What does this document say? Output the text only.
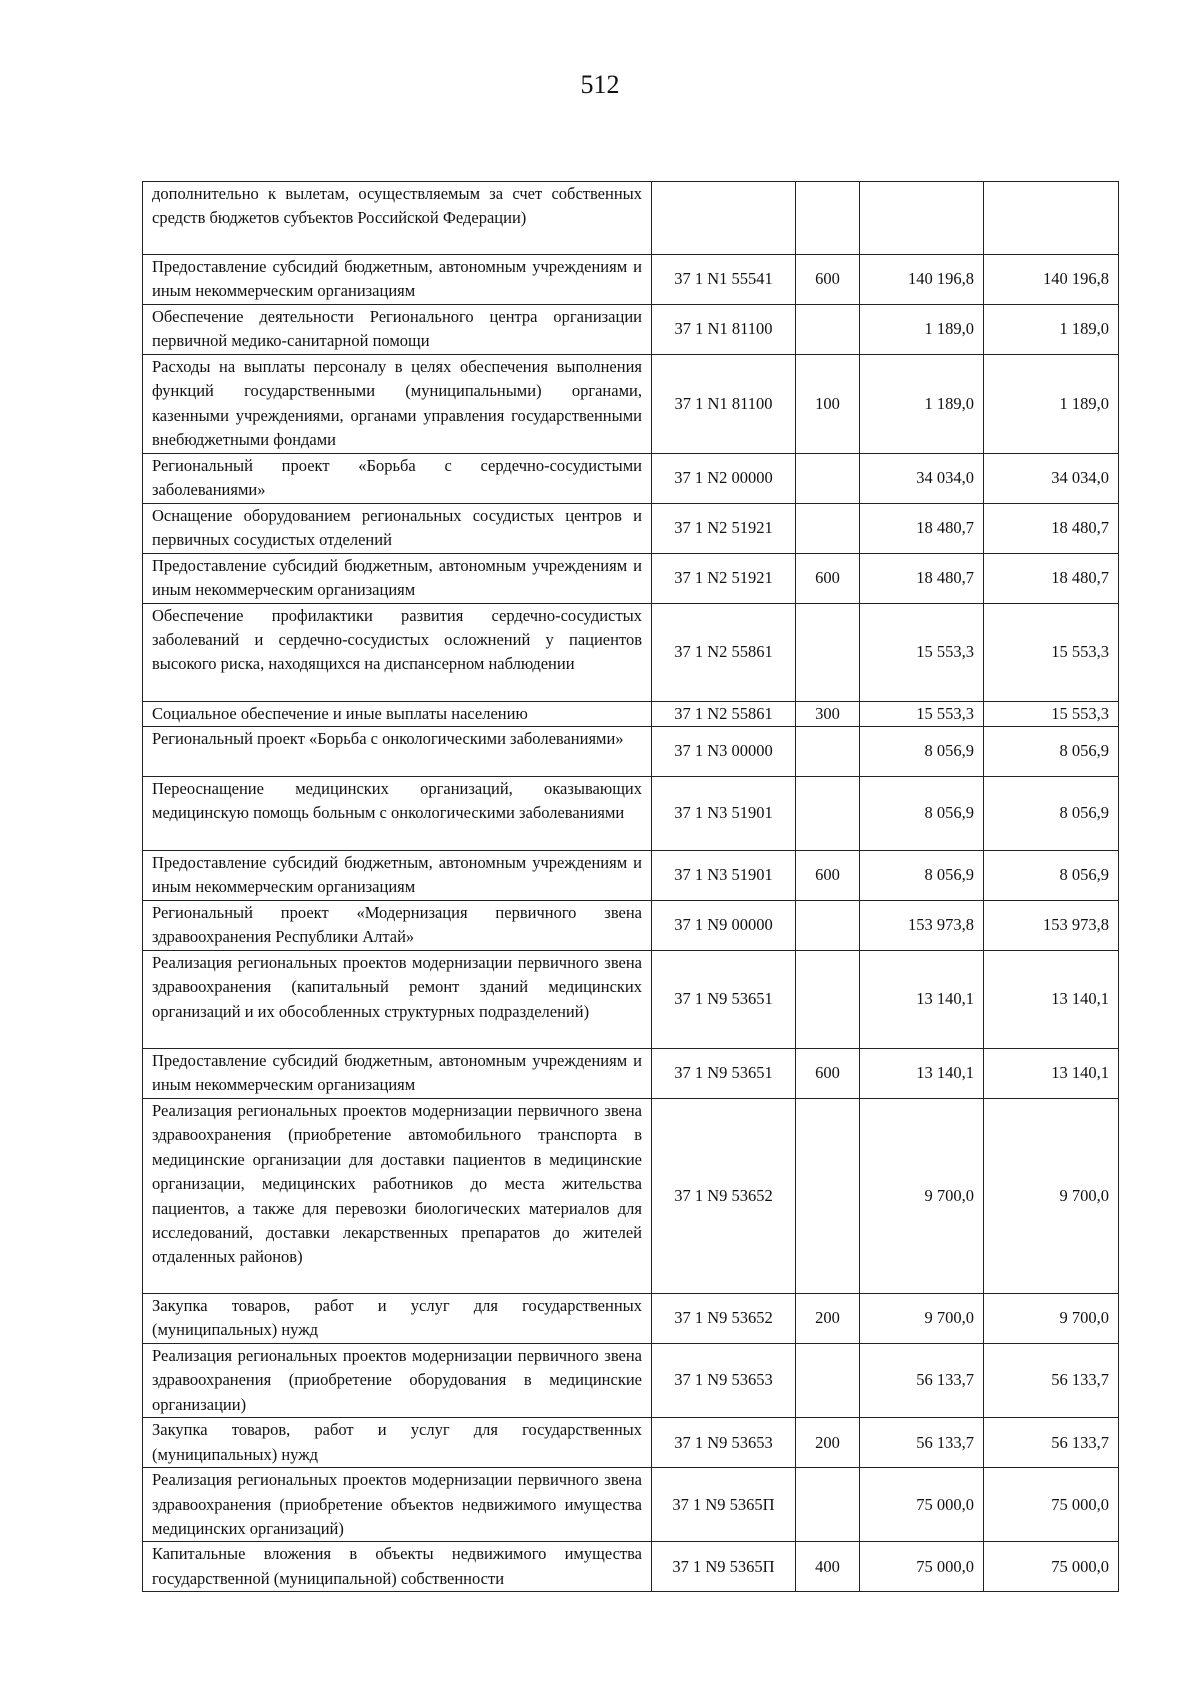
512
дополнительно к вылетам, осуществляемым за счет собственных средств бюджетов субъектов Российской Федерации)				
Предоставление субсидий бюджетным, автономным учреждениям и иным некоммерческим организациям	37 1 N1 55541	600	140 196,8	140 196,8
Обеспечение деятельности Регионального центра организации первичной медико-санитарной помощи	37 1 N1 81100		1 189,0	1 189,0
Расходы на выплаты персоналу в целях обеспечения выполнения функций государственными (муниципальными) органами, казенными учреждениями, органами управления государственными внебюджетными фондами	37 1 N1 81100	100	1 189,0	1 189,0
Региональный проект «Борьба с сердечно-сосудистыми заболеваниями»	37 1 N2 00000		34 034,0	34 034,0
Оснащение оборудованием региональных сосудистых центров и первичных сосудистых отделений	37 1 N2 51921		18 480,7	18 480,7
Предоставление субсидий бюджетным, автономным учреждениям и иным некоммерческим организациям	37 1 N2 51921	600	18 480,7	18 480,7
Обеспечение профилактики развития сердечно-сосудистых заболеваний и сердечно-сосудистых осложнений у пациентов высокого риска, находящихся на диспансерном наблюдении	37 1 N2 55861		15 553,3	15 553,3
Социальное обеспечение и иные выплаты населению	37 1 N2 55861	300	15 553,3	15 553,3
Региональный проект «Борьба с онкологическими заболеваниями»	37 1 N3 00000		8 056,9	8 056,9
Переоснащение медицинских организаций, оказывающих медицинскую помощь больным с онкологическими заболеваниями	37 1 N3 51901		8 056,9	8 056,9
Предоставление субсидий бюджетным, автономным учреждениям и иным некоммерческим организациям	37 1 N3 51901	600	8 056,9	8 056,9
Региональный проект «Модернизация первичного звена здравоохранения Республики Алтай»	37 1 N9 00000		153 973,8	153 973,8
Реализация региональных проектов модернизации первичного звена здравоохранения (капитальный ремонт зданий медицинских организаций и их обособленных структурных подразделений)	37 1 N9 53651		13 140,1	13 140,1
Предоставление субсидий бюджетным, автономным учреждениям и иным некоммерческим организациям	37 1 N9 53651	600	13 140,1	13 140,1
Реализация региональных проектов модернизации первичного звена здравоохранения (приобретение автомобильного транспорта в медицинские организации для доставки пациентов в медицинские организации, медицинских работников до места жительства пациентов, а также для перевозки биологических материалов для исследований, доставки лекарственных препаратов до жителей отдаленных районов)	37 1 N9 53652		9 700,0	9 700,0
Закупка товаров, работ и услуг для государственных (муниципальных) нужд	37 1 N9 53652	200	9 700,0	9 700,0
Реализация региональных проектов модернизации первичного звена здравоохранения (приобретение оборудования в медицинские организации)	37 1 N9 53653		56 133,7	56 133,7
Закупка товаров, работ и услуг для государственных (муниципальных) нужд	37 1 N9 53653	200	56 133,7	56 133,7
Реализация региональных проектов модернизации первичного звена здравоохранения (приобретение объектов недвижимого имущества медицинских организаций)	37 1 N9 5365П		75 000,0	75 000,0
Капитальные вложения в объекты недвижимого имущества государственной (муниципальной) собственности	37 1 N9 5365П	400	75 000,0	75 000,0
